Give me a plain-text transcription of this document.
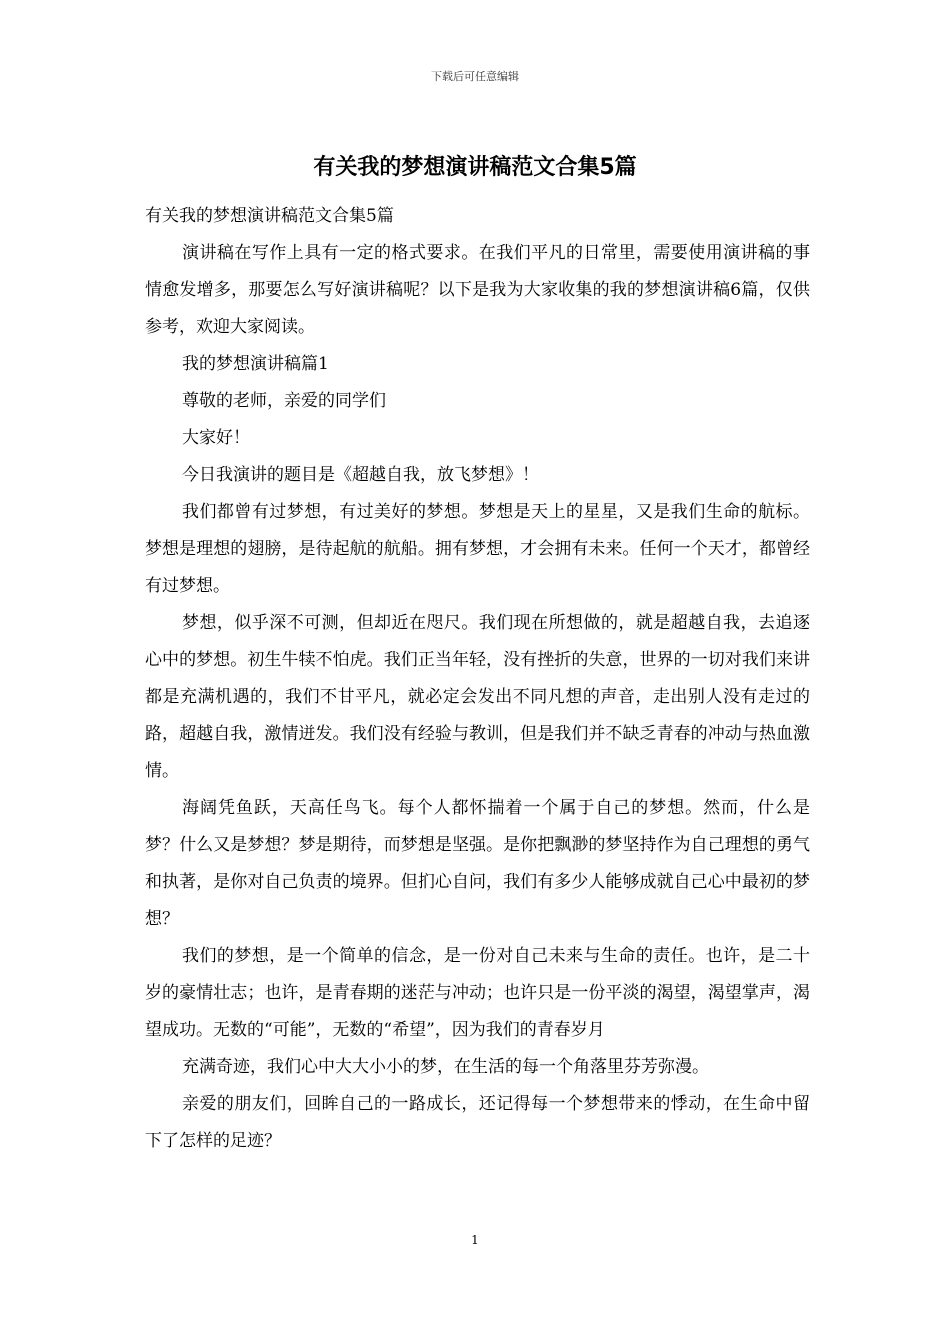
下载后可任意编辑
有关我的梦想演讲稿范文合集5篇

有关我的梦想演讲稿范文合集5篇

演讲稿在写作上具有一定的格式要求。在我们平凡的日常里，需要使用演讲稿的事情愈发增多，那要怎么写好演讲稿呢？以下是我为大家收集的我的梦想演讲稿6篇，仅供参考，欢迎大家阅读。

我的梦想演讲稿篇1

尊敬的老师，亲爱的同学们

大家好！

今日我演讲的题目是《超越自我，放飞梦想》！

我们都曾有过梦想，有过美好的梦想。梦想是天上的星星，又是我们生命的航标。梦想是理想的翅膀，是待起航的航船。拥有梦想，才会拥有未来。任何一个天才，都曾经有过梦想。

梦想，似乎深不可测，但却近在咫尺。我们现在所想做的，就是超越自我，去追逐心中的梦想。初生牛犊不怕虎。我们正当年轻，没有挫折的失意，世界的一切对我们来讲都是充满机遇的，我们不甘平凡，就必定会发出不同凡想的声音，走出别人没有走过的路，超越自我，激情迸发。我们没有经验与教训，但是我们并不缺乏青春的冲动与热血激情。

海阔凭鱼跃，天高任鸟飞。每个人都怀揣着一个属于自己的梦想。然而，什么是梦？什么又是梦想？梦是期待，而梦想是坚强。是你把飘渺的梦坚持作为自己理想的勇气和执著，是你对自己负责的境界。但扪心自问，我们有多少人能够成就自己心中最初的梦想？

我们的梦想，是一个简单的信念，是一份对自己未来与生命的责任。也许，是二十岁的豪情壮志；也许，是青春期的迷茫与冲动；也许只是一份平淡的渴望，渴望掌声，渴望成功。无数的“可能”，无数的“希望”，因为我们的青春岁月

充满奇迹，我们心中大大小小的梦，在生活的每一个角落里芬芳弥漫。

亲爱的朋友们，回眸自己的一路成长，还记得每一个梦想带来的悸动，在生命中留下了怎样的足迹？

1
